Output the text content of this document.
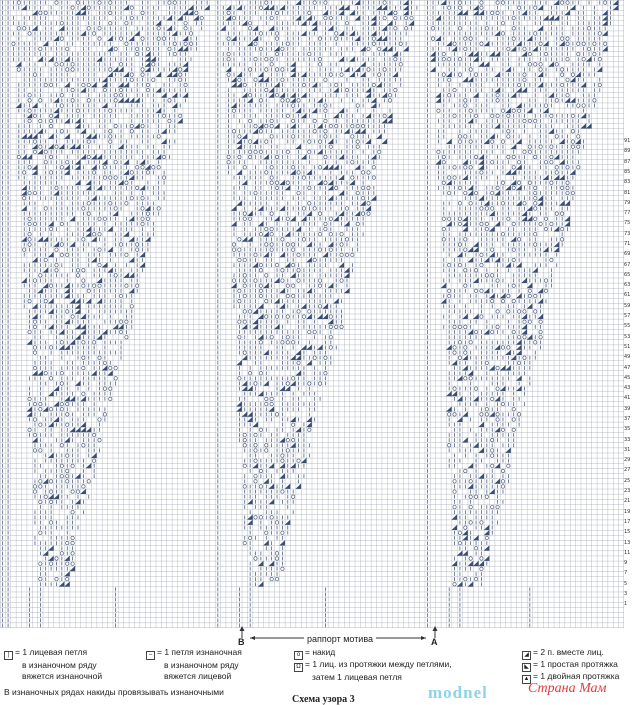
1
3
5
7
9
11
13
15
17
19
21
23
25
27
29
31
33
35
37
39
41
43
45
47
49
51
53
55
57
59
61
63
65
67
69
71
73
75
77
79
81
83
85
87
89
91
B	A
раппорт мотива
| = 1 лицевая петля
в изнаночном ряду
вяжется изнаночной
– = 1 петля изнаночная
в изнаночном ряду
вяжется лицевой
o = накид
Ω = 1 лиц. из протяжки между петлями,
затем 1 лицевая петля
◢ = 2 п. вместе лиц.
◣ = 1 простая протяжка
▲ = 1 двойная протяжка
В изнаночных рядах накиды провязывать изнаночными
Схема узора 3	modnel	Страна Мам
